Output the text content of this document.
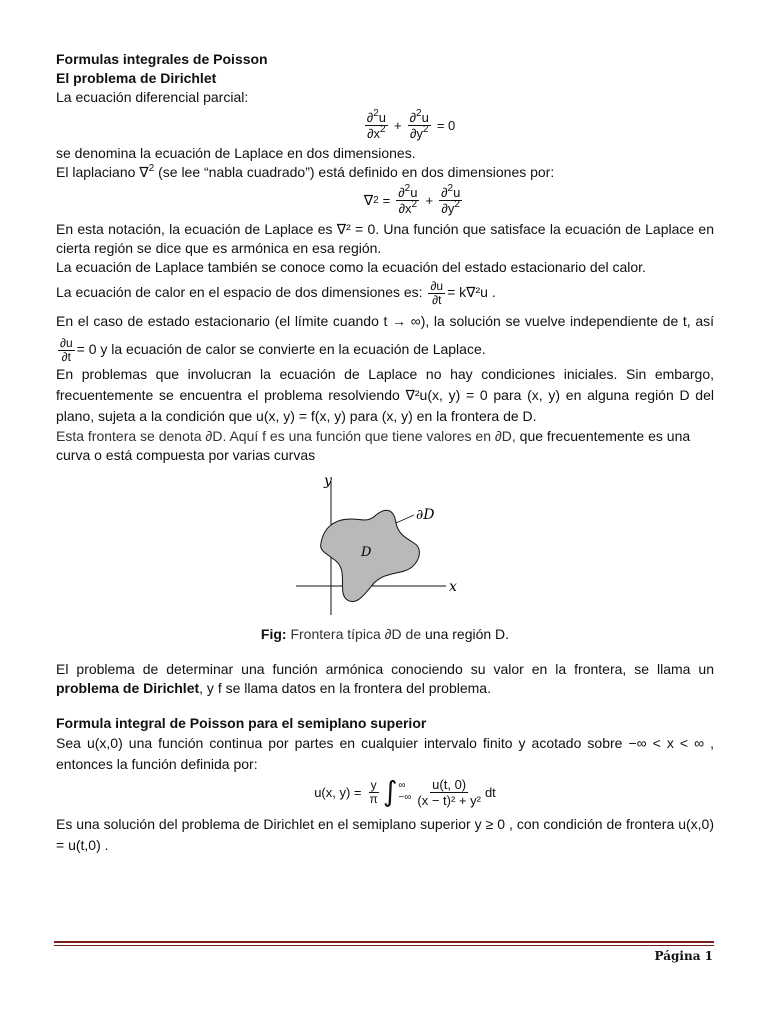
Formulas integrales de Poisson

El problema de Dirichlet

La ecuación diferencial parcial:

$\frac{\partial^2u}{\partial x^2} + \frac{\partial^2u}{\partial y^2} = 0$

se denomina la ecuación de Laplace en dos dimensiones.

El laplaciano ∇$^2$ (se lee “nabla cuadrado”) está definido en dos dimensiones por:

∇ $2 = \frac{\partial^2u}{\partial x^2} + \frac{\partial^2u}{\partial y^2}$

En esta notación, la ecuación de Laplace es ∇² = 0. Una función que satisface la ecuación de Laplace en cierta región se dice que es armónica en esa región.

La ecuación de Laplace también se conoce como la ecuación del estado estacionario del calor.

La ecuación de calor en el espacio de dos dimensiones es: $\frac{\partial u}{\partial t} = k\nabla^2u$ .

En el caso de estado estacionario (el límite cuando t → ∞), la solución se vuelve independiente de t, así
$\frac{\partial u}{\partial t} = 0$ y la ecuación de calor se convierte en la ecuación de Laplace.

En problemas que involucran la ecuación de Laplace no hay condiciones iniciales. Sin embargo, frecuentemente se encuentra el problema resolviendo ∇²u(x, y) = 0 para (x, y) en alguna región D del plano, sujeta a la condición que u(x, y) = f(x, y) para (x, y) en la frontera de D.

Esta frontera se denota ∂D. Aquí f es una función que tiene valores en ∂D, que frecuentemente es una curva o está compuesta por varias curvas

y
x
D
∂D

Fig: Frontera típica ∂D de una región D.

El problema de determinar una función armónica conociendo su valor en la frontera, se llama un problema de Dirichlet, y f se llama datos en la frontera del problema.

Formula integral de Poisson para el semiplano superior

Sea u(x,0) una función continua por partes en cualquier intervalo finito y acotado sobre −∞ < x < ∞ , entonces la función definida por:

u(x, $y) = \frac{y}{\pi}$ ∫ ∞
−∞ $\frac{u(t, 0)}{\text{(x − t)² + y²}}$ dt

Es una solución del problema de Dirichlet en el semiplano superior y ≥ 0 , con condición de frontera u(x,0) = u(t,0) .

Página 1
